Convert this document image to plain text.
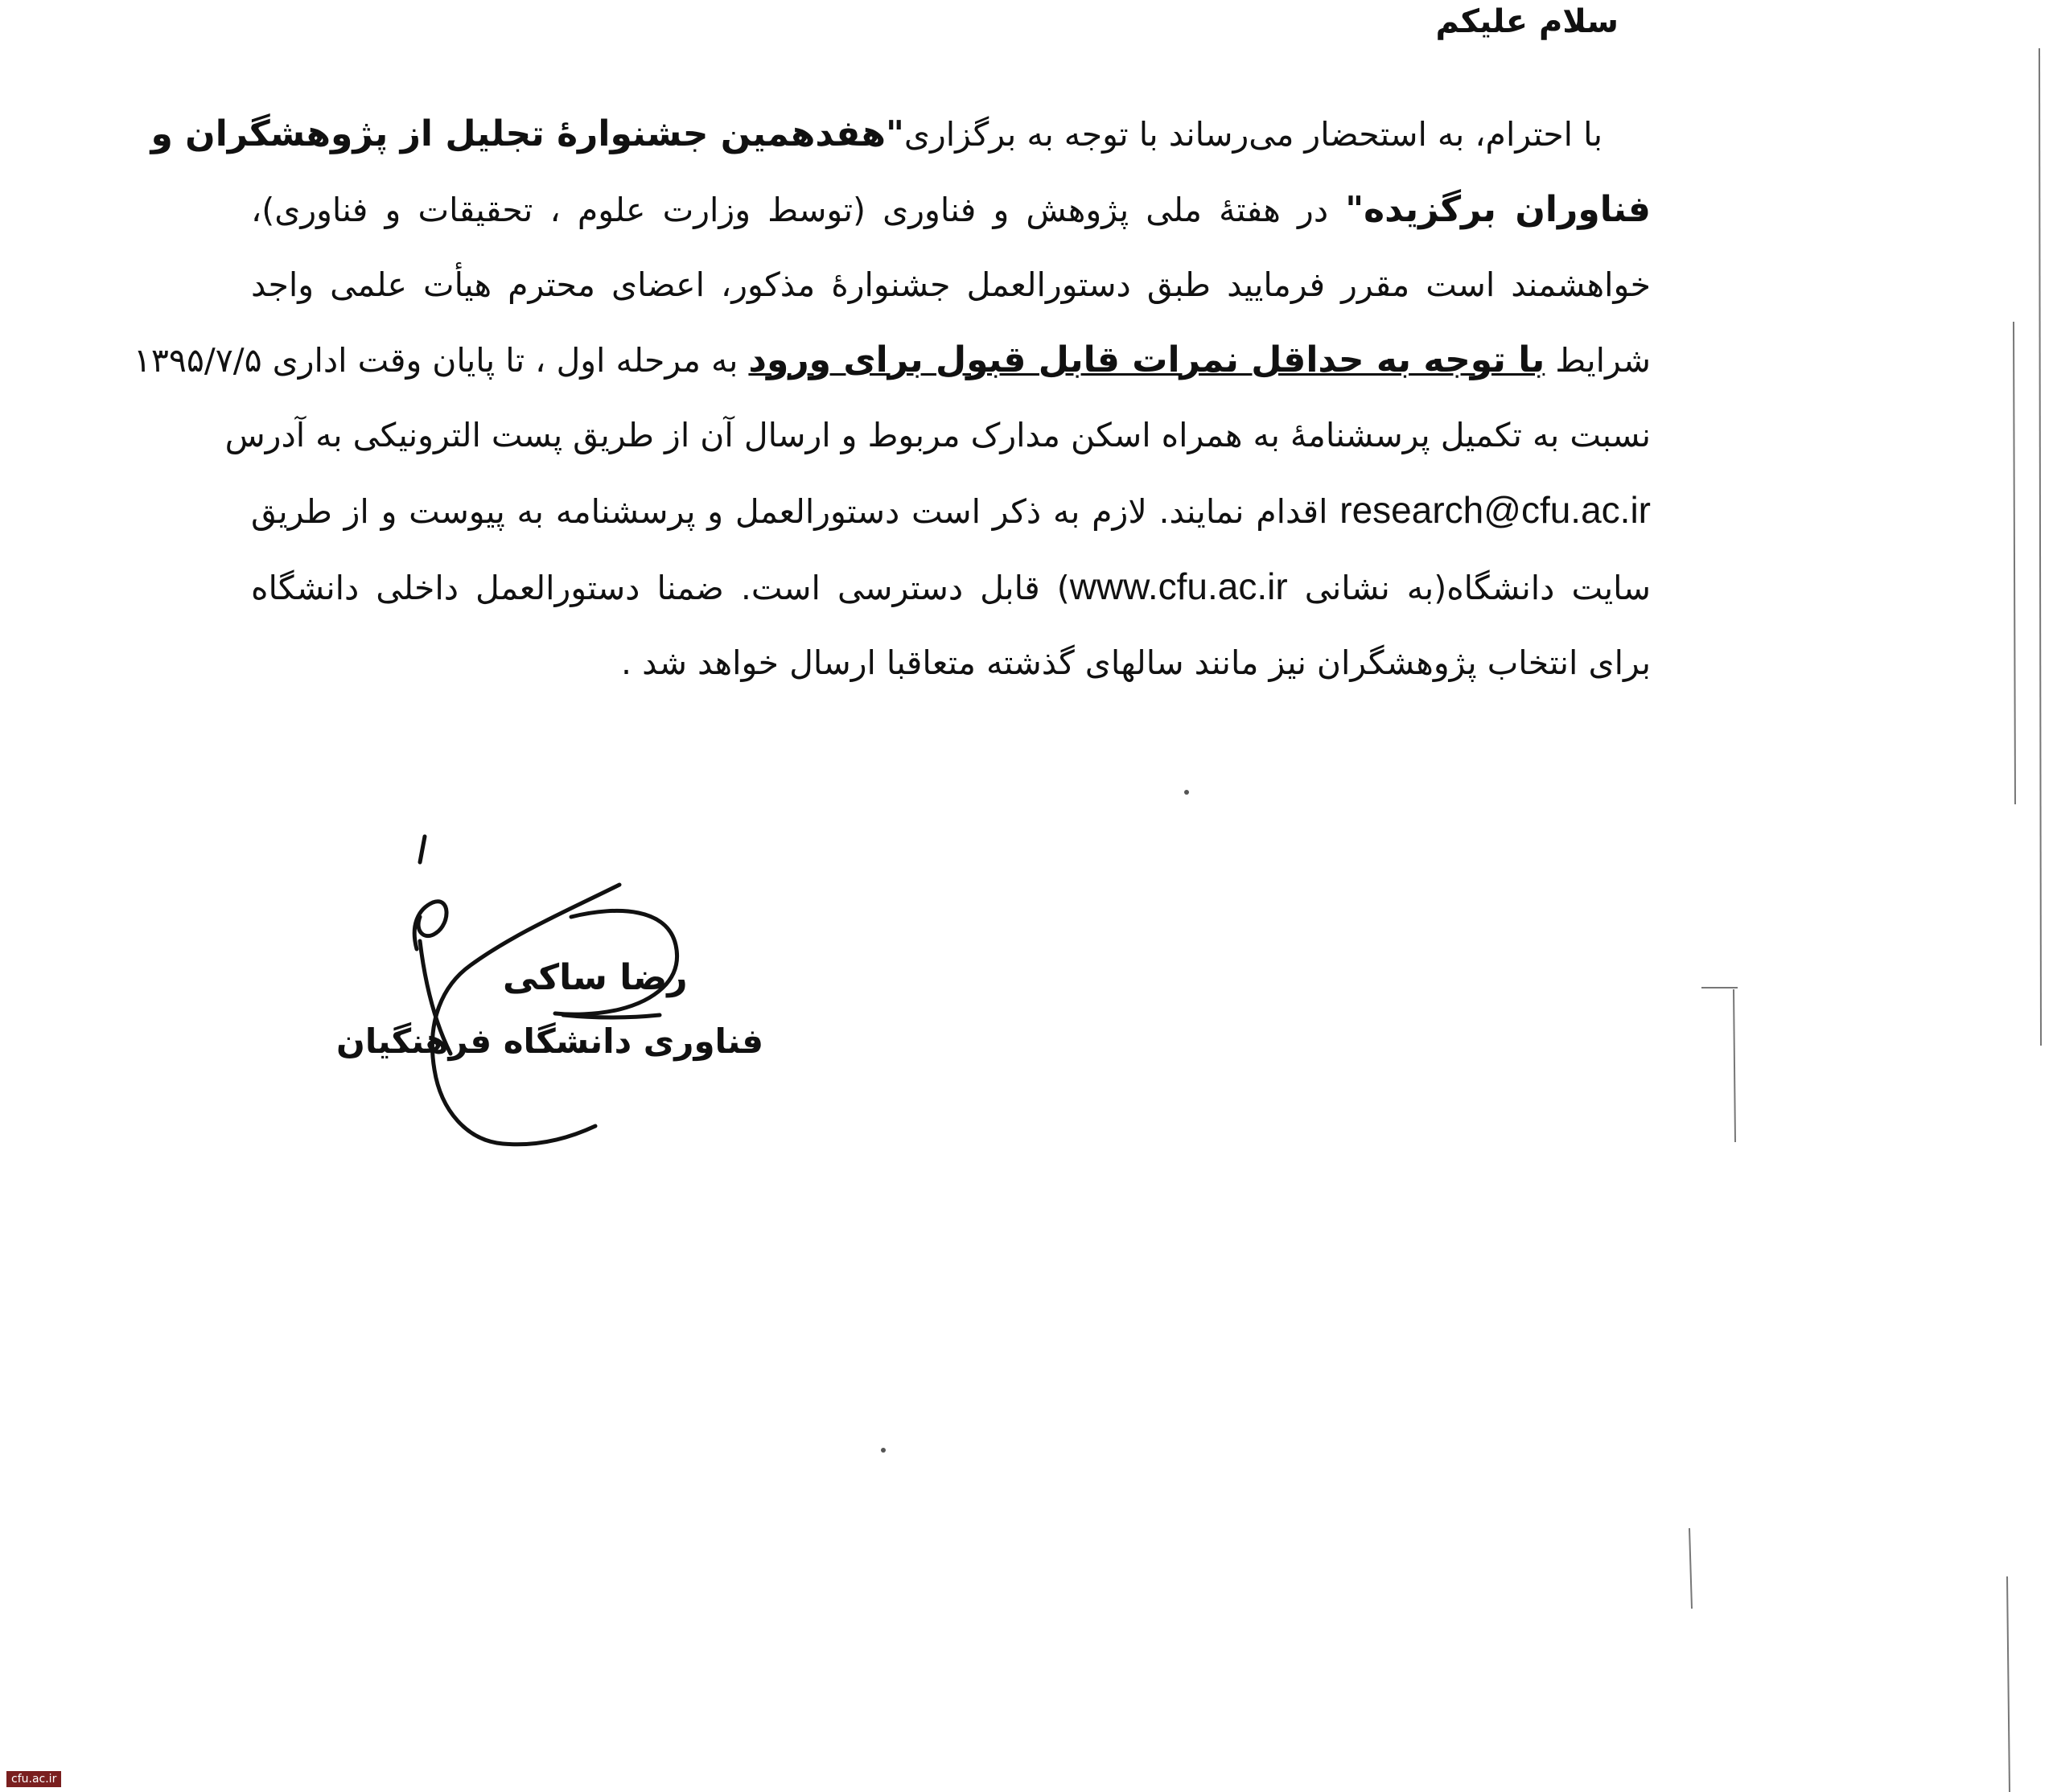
سلام علیکم
با احترام، به استحضار می‌رساند با توجه به برگزاری"هفدهمین جشنوارهٔ تجلیل از پژوهشگران و
فناوران برگزیده" در هفتهٔ ملی پژوهش و فناوری (توسط وزارت علوم ، تحقیقات و فناوری)،
خواهشمند است مقرر فرمایید طبق دستورالعمل جشنوارهٔ مذکور، اعضای محترم هیأت علمی واجد
شرایط با توجه به حداقل نمرات قابل قبول برای ورود به مرحله اول ، تا پایان وقت اداری ۱۳۹۵/۷/۵
نسبت به تکمیل پرسشنامهٔ به همراه اسکن مدارک مربوط و ارسال آن از طریق پست الترونیکی به آدرس
research@cfu.ac.ir اقدام نمایند. لازم به ذکر است دستورالعمل و پرسشنامه به پیوست و از طریق
سایت دانشگاه(به نشانی www.cfu.ac.ir) قابل دسترسی است. ضمنا دستورالعمل داخلی دانشگاه
برای انتخاب پژوهشگران نیز مانند سالهای گذشته متعاقبا ارسال خواهد شد .
رضا ساکی
فناوری دانشگاه فرهنگیان
cfu.ac.ir
